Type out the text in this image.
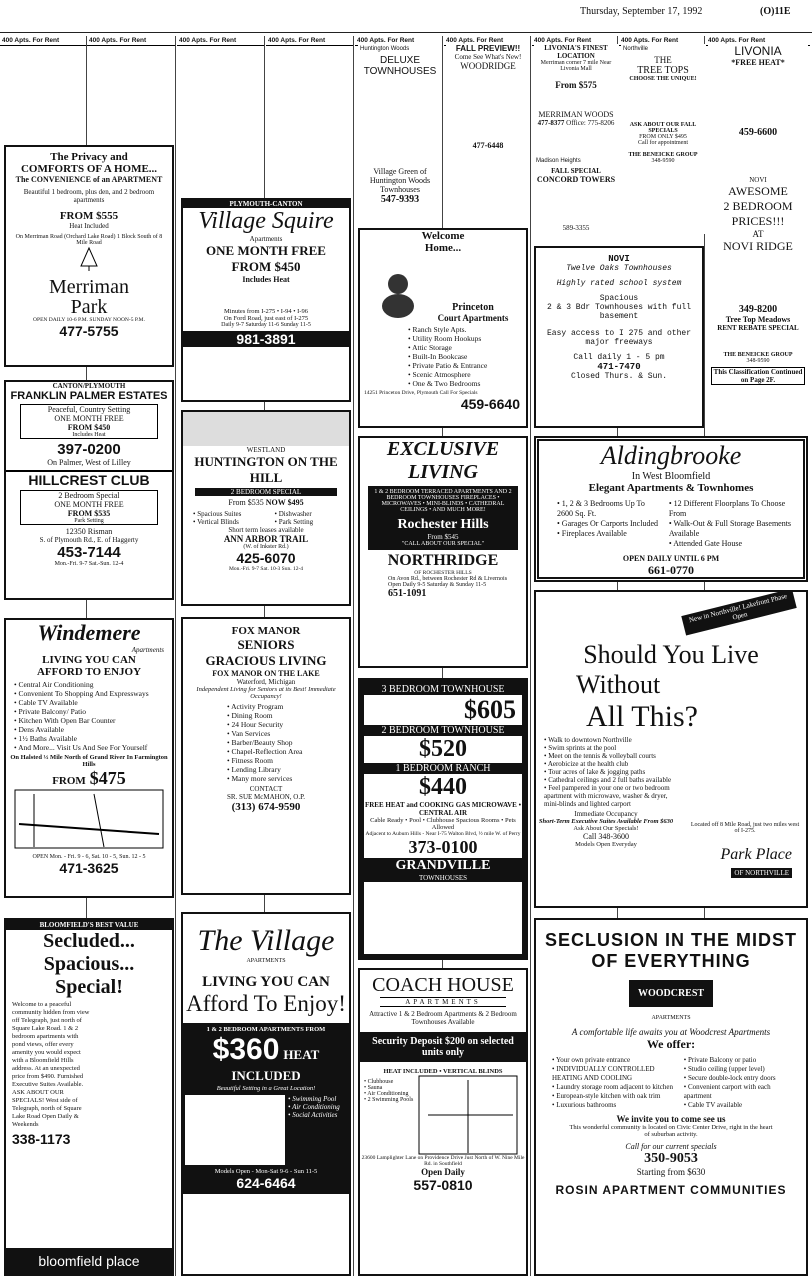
Thursday, September 17, 1992	(O)11E
400 Apts. For Rent	400 Apts. For Rent	400 Apts. For Rent	400 Apts. For Rent	400 Apts. For Rent	400 Apts. For Rent	400 Apts. For Rent	400 Apts. For Rent	400 Apts. For Rent
The Privacy and
COMFORTS OF A HOME...
The CONVENIENCE of an APARTMENT
Beautiful 1 bedroom, plus den, and 2 bedroom apartments
FROM $555
Heat Included
On Merriman Road (Orchard Lake Road) 1 Block South of 8 Mile Road
Merriman
Park
OPEN DAILY 10-6 P.M. SUNDAY NOON-5 P.M.
477-5755
CANTON/PLYMOUTH
FRANKLIN PALMER ESTATES
Peaceful, Country Setting
ONE MONTH FREE
FROM $450
Includes Heat
397-0200
On Palmer, West of Lilley
HILLCREST CLUB
2 Bedroom Special
ONE MONTH FREE
FROM $535
Park Setting
12350 Risman
S. of Plymouth Rd., E. of Haggerty
453-7144
Mon.-Fri. 9-7 Sat.-Sun. 12-4
Windemere
Apartments
LIVING YOU CAN
AFFORD TO ENJOY
• Central Air Conditioning
• Convenient To Shopping And Expressways
• Cable TV Available
• Private Balcony/ Patio
• Kitchen With Open Bar Counter
• Dens Available
• 1½ Baths Available
• And More... Visit Us And See For Yourself
On Halsted ½ Mile North of Grand River In Farmington Hills
FROM $475
OPEN Mon. - Fri. 9 - 6, Sat. 10 - 5, Sun. 12 - 5
471-3625
BLOOMFIELD'S BEST VALUE
Secluded...
Spacious...
Special!
Welcome to a peaceful community hidden from view off Telegraph, just north of Square Lake Road. 1 & 2 bedroom apartments with pond views, offer every amenity you would expect with a Bloomfield Hills address. At an unexpected price from $490. Furnished Executive Suites Available. ASK ABOUT OUR SPECIALS! West side of Telegraph, north of Square Lake Road Open Daily & Weekends
338-1173
bloomfield place
PLYMOUTH-CANTON
Village Squire
Apartments
ONE MONTH FREE
FROM $450
Includes Heat
Minutes from I-275 • I-94 • I-96
On Ford Road, just east of I-275
Daily 9-7 Saturday 11-6 Sunday 11-5
981-3891
WESTLAND
HUNTINGTON ON THE HILL
2 BEDROOM SPECIAL
From $535 NOW $495
• Spacious Suites
• Vertical Blinds
• Dishwasher
• Park Setting
Short term leases available
ANN ARBOR TRAIL
(W. of Inkster Rd.)
425-6070
Mon.-Fri. 9-7 Sat. 10-3 Sun. 12-4
FOX MANOR
SENIORS
GRACIOUS LIVING
FOX MANOR ON THE LAKE
Waterford, Michigan
Independent Living for Seniors at its Best! Immediate Occupancy!
• Activity Program
• Dining Room
• 24 Hour Security
• Van Services
• Barber/Beauty Shop
• Chapel-Reflection Area
• Fitness Room
• Lending Library
• Many more services
CONTACT
SR. SUE McMAHON, O.P.
(313) 674-9590
The Village
APARTMENTS
LIVING YOU CAN
Afford To Enjoy!
1 & 2 BEDROOM APARTMENTS FROM
$360 HEAT INCLUDED
Beautiful Setting in a Great Location!
• Swimming Pool
• Air Conditioning
• Social Activities
Models Open - Mon-Sat 9-6 - Sun 11-5
624-6464
Huntington Woods
DELUXE TOWNHOUSES
Village Green of Huntington Woods Townhouses
547-9393
FALL PREVIEW!!
Come See What's New!
WOODRIDGE
477-6448
Welcome
Home...
Princeton
Court Apartments
• Ranch Style Apts.
• Utility Room Hookups
• Attic Storage
• Built-In Bookcase
• Private Patio & Entrance
• Scenic Atmosphere
• One & Two Bedrooms
14251 Princeton Drive, Plymouth Call For Specials
459-6640
EXCLUSIVE
LIVING
1 & 2 BEDROOM TERRACED APARTMENTS AND 2 BEDROOM TOWNHOUSES FIREPLACES • MICROWAVES • MINI-BLINDS • CATHEDRAL CEILINGS • AND MUCH MORE!
Rochester Hills
From $545
"CALL ABOUT OUR SPECIAL"
NORTHRIDGE
OF ROCHESTER HILLS
On Avon Rd., between Rochester Rd & Livernois
Open Daily 9-5 Saturday & Sunday 11-5
651-1091
3 BEDROOM TOWNHOUSE
$605
2 BEDROOM TOWNHOUSE
$520
1 BEDROOM RANCH
$440
FREE HEAT and COOKING GAS MICROWAVE • CENTRAL AIR
Cable Ready • Pool • Clubhouse Spacious Rooms • Pets Allowed
Adjacent to Auburn Hills - Near I-75 Walton Blvd, ½ mile W. of Perry
373-0100
GRANDVILLE
TOWNHOUSES
COACH HOUSE
APARTMENTS
Attractive 1 & 2 Bedroom Apartments & 2 Bedroom Townhouses Available
Security Deposit $200 on selected units only
HEAT INCLUDED • VERTICAL BLINDS
• Clubhouse
• Sauna
• Air Conditioning
• 2 Swimming Pools
23600 Lamplighter Lane on Providence Drive Just North of W. Nine Mile Rd. in Southfield
Open Daily
557-0810
LIVONIA'S FINEST LOCATION
Merriman corner 7 mile Near Livonia Mall
From $575
MERRIMAN WOODS
477-8377 Office: 775-8206
Madison Heights
FALL SPECIAL
CONCORD TOWERS
589-3355
Northville
THE
TREE TOPS
CHOOSE THE UNIQUE!
ASK ABOUT OUR FALL SPECIALS
FROM ONLY $495
Call for appointment
THE BENEICKE GROUP
348-9590
NOVI
Twelve Oaks Townhouses
Highly rated school system
Spacious
2 & 3 Bdr Townhouses with full basement
Easy access to I 275 and other major freeways
Call daily 1 - 5 pm
471-7470
Closed Thurs. & Sun.
LIVONIA
*FREE HEAT*
459-6600
NOVI
AWESOME
2 BEDROOM PRICES!!!
AT
NOVI RIDGE
349-8200
Tree Top Meadows
RENT REBATE SPECIAL
THE BENEICKE GROUP
348-9590
This Classification Continued on Page 2F.
Aldingbrooke
In West Bloomfield
Elegant Apartments & Townhomes
• 1, 2 & 3 Bedrooms Up To 2600 Sq. Ft.
• Garages Or Carports Included
• Fireplaces Available
• 12 Different Floorplans To Choose From
• Walk-Out & Full Storage Basements Available
• Attended Gate House
OPEN DAILY UNTIL 6 PM
661-0770
On Drake Rd., Between Maple & Walnut Lake Rd.
New in Northville! Lakefront Phase Open
Should You Live
Without
All This?
• Walk to downtown Northville
• Swim sprints at the pool
• Meet on the tennis & volleyball courts
• Aerobicize at the health club
• Tour acres of lake & jogging paths
• Cathedral ceilings and 2 full baths available
• Feel pampered in your one or two bedroom apartment with microwave, washer & dryer, mini-blinds and lighted carport
Immediate Occupancy
Short-Term Executive Suites Available From $630
Ask About Our Specials!
Call 348-3600
Models Open Everyday
Located off 8 Mile Road, just two miles west of I-275.
Park Place
OF NORTHVILLE
SECLUSION IN THE MIDST OF EVERYTHING
WOODCREST
APARTMENTS
A comfortable life awaits you at Woodcrest Apartments
We offer:
• Your own private entrance
• INDIVIDUALLY CONTROLLED HEATING AND COOLING
• Laundry storage room adjacent to kitchen
• European-style kitchen with oak trim
• Luxurious bathrooms
• Private Balcony or patio
• Studio ceiling (upper level)
• Secure double-lock entry doors
• Convenient carport with each apartment
• Cable TV available
We invite you to come see us
This wonderful community is located on Civic Center Drive, right in the heart of suburban activity.
Call for our current specials
350-9053
Starting from $630
ROSIN APARTMENT COMMUNITIES
